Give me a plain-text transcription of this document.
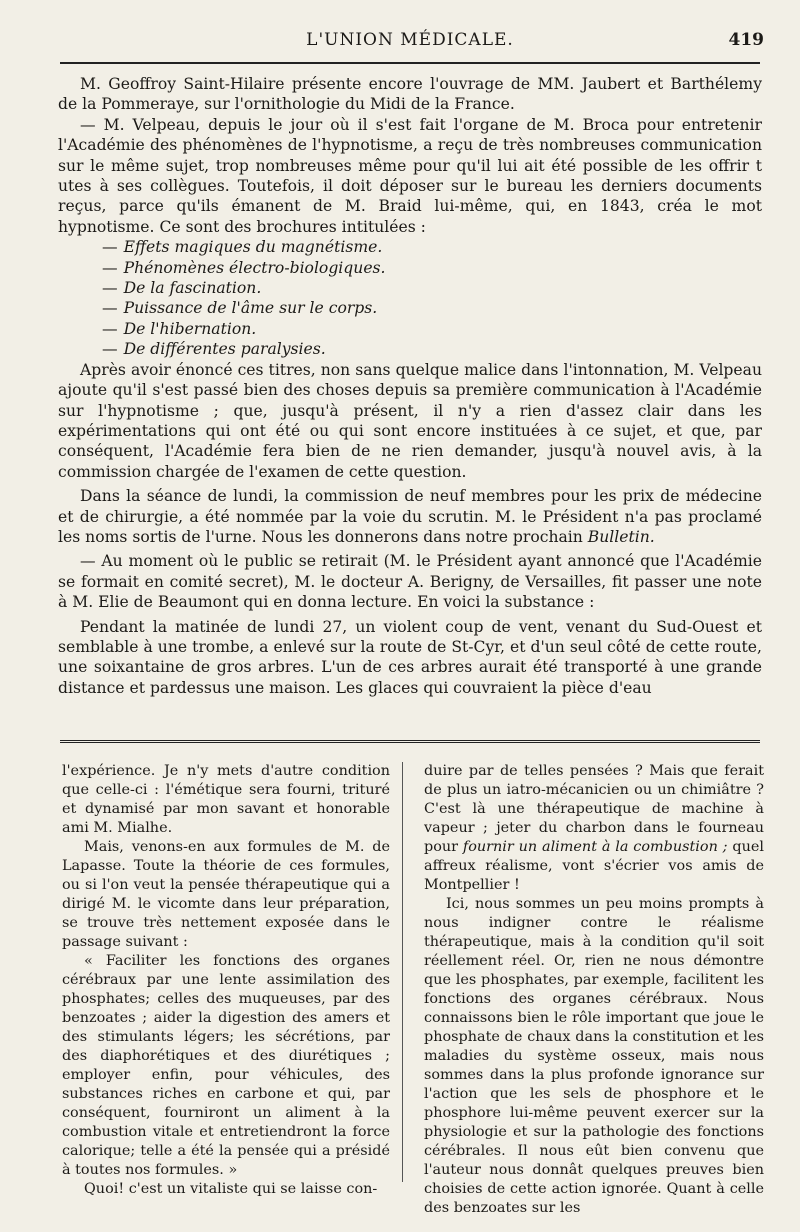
L'UNION MÉDICALE.	419

M. Geoffroy Saint-Hilaire présente encore l'ouvrage de MM. Jaubert et Barthélemy de la Pommeraye, sur l'ornithologie du Midi de la France.

— M. Velpeau, depuis le jour où il s'est fait l'organe de M. Broca pour entretenir l'Académie des phénomènes de l'hypnotisme, a reçu de très nombreuses communication sur le même sujet, trop nombreuses même pour qu'il lui ait été possible de les offrir t utes à ses collègues. Toutefois, il doit déposer sur le bureau les derniers documents reçus, parce qu'ils émanent de M. Braid lui-même, qui, en 1843, créa le mot hypnotisme. Ce sont des brochures intitulées :

— Effets magiques du magnétisme.
— Phénomènes électro-biologiques.
— De la fascination.
— Puissance de l'âme sur le corps.
— De l'hibernation.
— De différentes paralysies.

Après avoir énoncé ces titres, non sans quelque malice dans l'intonnation, M. Velpeau ajoute qu'il s'est passé bien des choses depuis sa première communication à l'Académie sur l'hypnotisme ; que, jusqu'à présent, il n'y a rien d'assez clair dans les expérimentations qui ont été ou qui sont encore instituées à ce sujet, et que, par conséquent, l'Académie fera bien de ne rien demander, jusqu'à nouvel avis, à la commission chargée de l'examen de cette question.

Dans la séance de lundi, la commission de neuf membres pour les prix de médecine et de chirurgie, a été nommée par la voie du scrutin. M. le Président n'a pas proclamé les noms sortis de l'urne. Nous les donnerons dans notre prochain Bulletin.

— Au moment où le public se retirait (M. le Président ayant annoncé que l'Académie se formait en comité secret), M. le docteur A. Berigny, de Versailles, fit passer une note à M. Elie de Beaumont qui en donna lecture. En voici la substance :

Pendant la matinée de lundi 27, un violent coup de vent, venant du Sud-Ouest et semblable à une trombe, a enlevé sur la route de St-Cyr, et d'un seul côté de cette route, une soixantaine de gros arbres. L'un de ces arbres aurait été transporté à une grande distance et pardessus une maison. Les glaces qui couvraient la pièce d'eau

l'expérience. Je n'y mets d'autre condition que celle-ci : l'émétique sera fourni, trituré et dynamisé par mon savant et honorable ami M. Mialhe.

Mais, venons-en aux formules de M. de Lapasse. Toute la théorie de ces formules, ou si l'on veut la pensée thérapeutique qui a dirigé M. le vicomte dans leur préparation, se trouve très nettement exposée dans le passage suivant :

« Faciliter les fonctions des organes cérébraux par une lente assimilation des phosphates; celles des muqueuses, par des benzoates ; aider la digestion des amers et des stimulants légers; les sécrétions, par des diaphorétiques et des diurétiques ; employer enfin, pour véhicules, des substances riches en carbone et qui, par conséquent, fourniront un aliment à la combustion vitale et entretiendront la force calorique; telle a été la pensée qui a présidé à toutes nos formules. »

Quoi! c'est un vitaliste qui se laisse con-

duire par de telles pensées ? Mais que ferait de plus un iatro-mécanicien ou un chimiâtre ? C'est là une thérapeutique de machine à vapeur ; jeter du charbon dans le fourneau pour fournir un aliment à la combustion ; quel affreux réalisme, vont s'écrier vos amis de Montpellier !

Ici, nous sommes un peu moins prompts à nous indigner contre le réalisme thérapeutique, mais à la condition qu'il soit réellement réel. Or, rien ne nous démontre que les phosphates, par exemple, facilitent les fonctions des organes cérébraux. Nous connaissons bien le rôle important que joue le phosphate de chaux dans la constitution et les maladies du système osseux, mais nous sommes dans la plus profonde ignorance sur l'action que les sels de phosphore et le phosphore lui-même peuvent exercer sur la physiologie et sur la pathologie des fonctions cérébrales. Il nous eût bien convenu que l'auteur nous donnât quelques preuves bien choisies de cette action ignorée. Quant à celle des benzoates sur les
